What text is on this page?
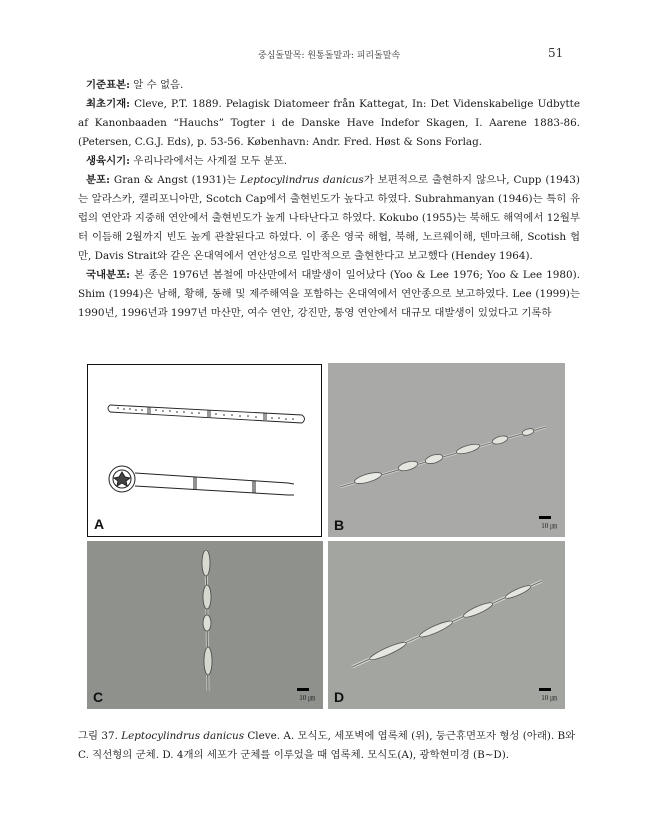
중심돌말목: 원통돌말과: 피리돌말속	51

기준표본: 알 수 없음.

최초기재: Cleve, P.T. 1889. Pelagisk Diatomeer från Kattegat, In: Det Videnskabelige Udbytte af Kanonbaaden “Hauchs” Togter i de Danske Have Indefor Skagen, I. Aarene 1883-86. (Petersen, C.G.J. Eds), p. 53-56. København: Andr. Fred. Høst & Sons Forlag.

생육시기: 우리나라에서는 사계절 모두 분포.

분포: Gran & Angst (1931)는 Leptocylindrus danicus가 보편적으로 출현하지 않으나, Cupp (1943)는 알라스카, 캘리포니아만, Scotch Cap에서 출현빈도가 높다고 하였다. Subrahmanyan (1946)는 특히 유럽의 연안과 지중해 연안에서 출현빈도가 높게 나타난다고 하였다. Kokubo (1955)는 북해도 해역에서 12월부터 이듬해 2월까지 빈도 높게 관찰된다고 하였다. 이 종은 영국 해협, 북해, 노르웨이해, 덴마크해, Scotish 협만, Davis Strait와 같은 온대역에서 연안성으로 일반적으로 출현한다고 보고했다 (Hendey 1964).

국내분포: 본 종은 1976년 봄철에 마산만에서 대발생이 일어났다 (Yoo & Lee 1976; Yoo & Lee 1980). Shim (1994)은 남해, 황해, 동해 및 제주해역을 포함하는 온대역에서 연안종으로 보고하였다. Lee (1999)는 1990년, 1996년과 1997년 마산만, 여수 연안, 강진만, 통영 연안에서 대규모 대발생이 있었다고 기록하

A	B	10 ㎛
C	10 ㎛ D	10 ㎛
그림 37. Leptocylindrus danicus Cleve. A. 모식도, 세포벽에 엽록체 (위), 둥근휴면포자 형성 (아래). B와 C. 직선형의 군체. D. 4개의 세포가 군체를 이루었을 때 엽록체. 모식도(A), 광학현미경 (B~D).
